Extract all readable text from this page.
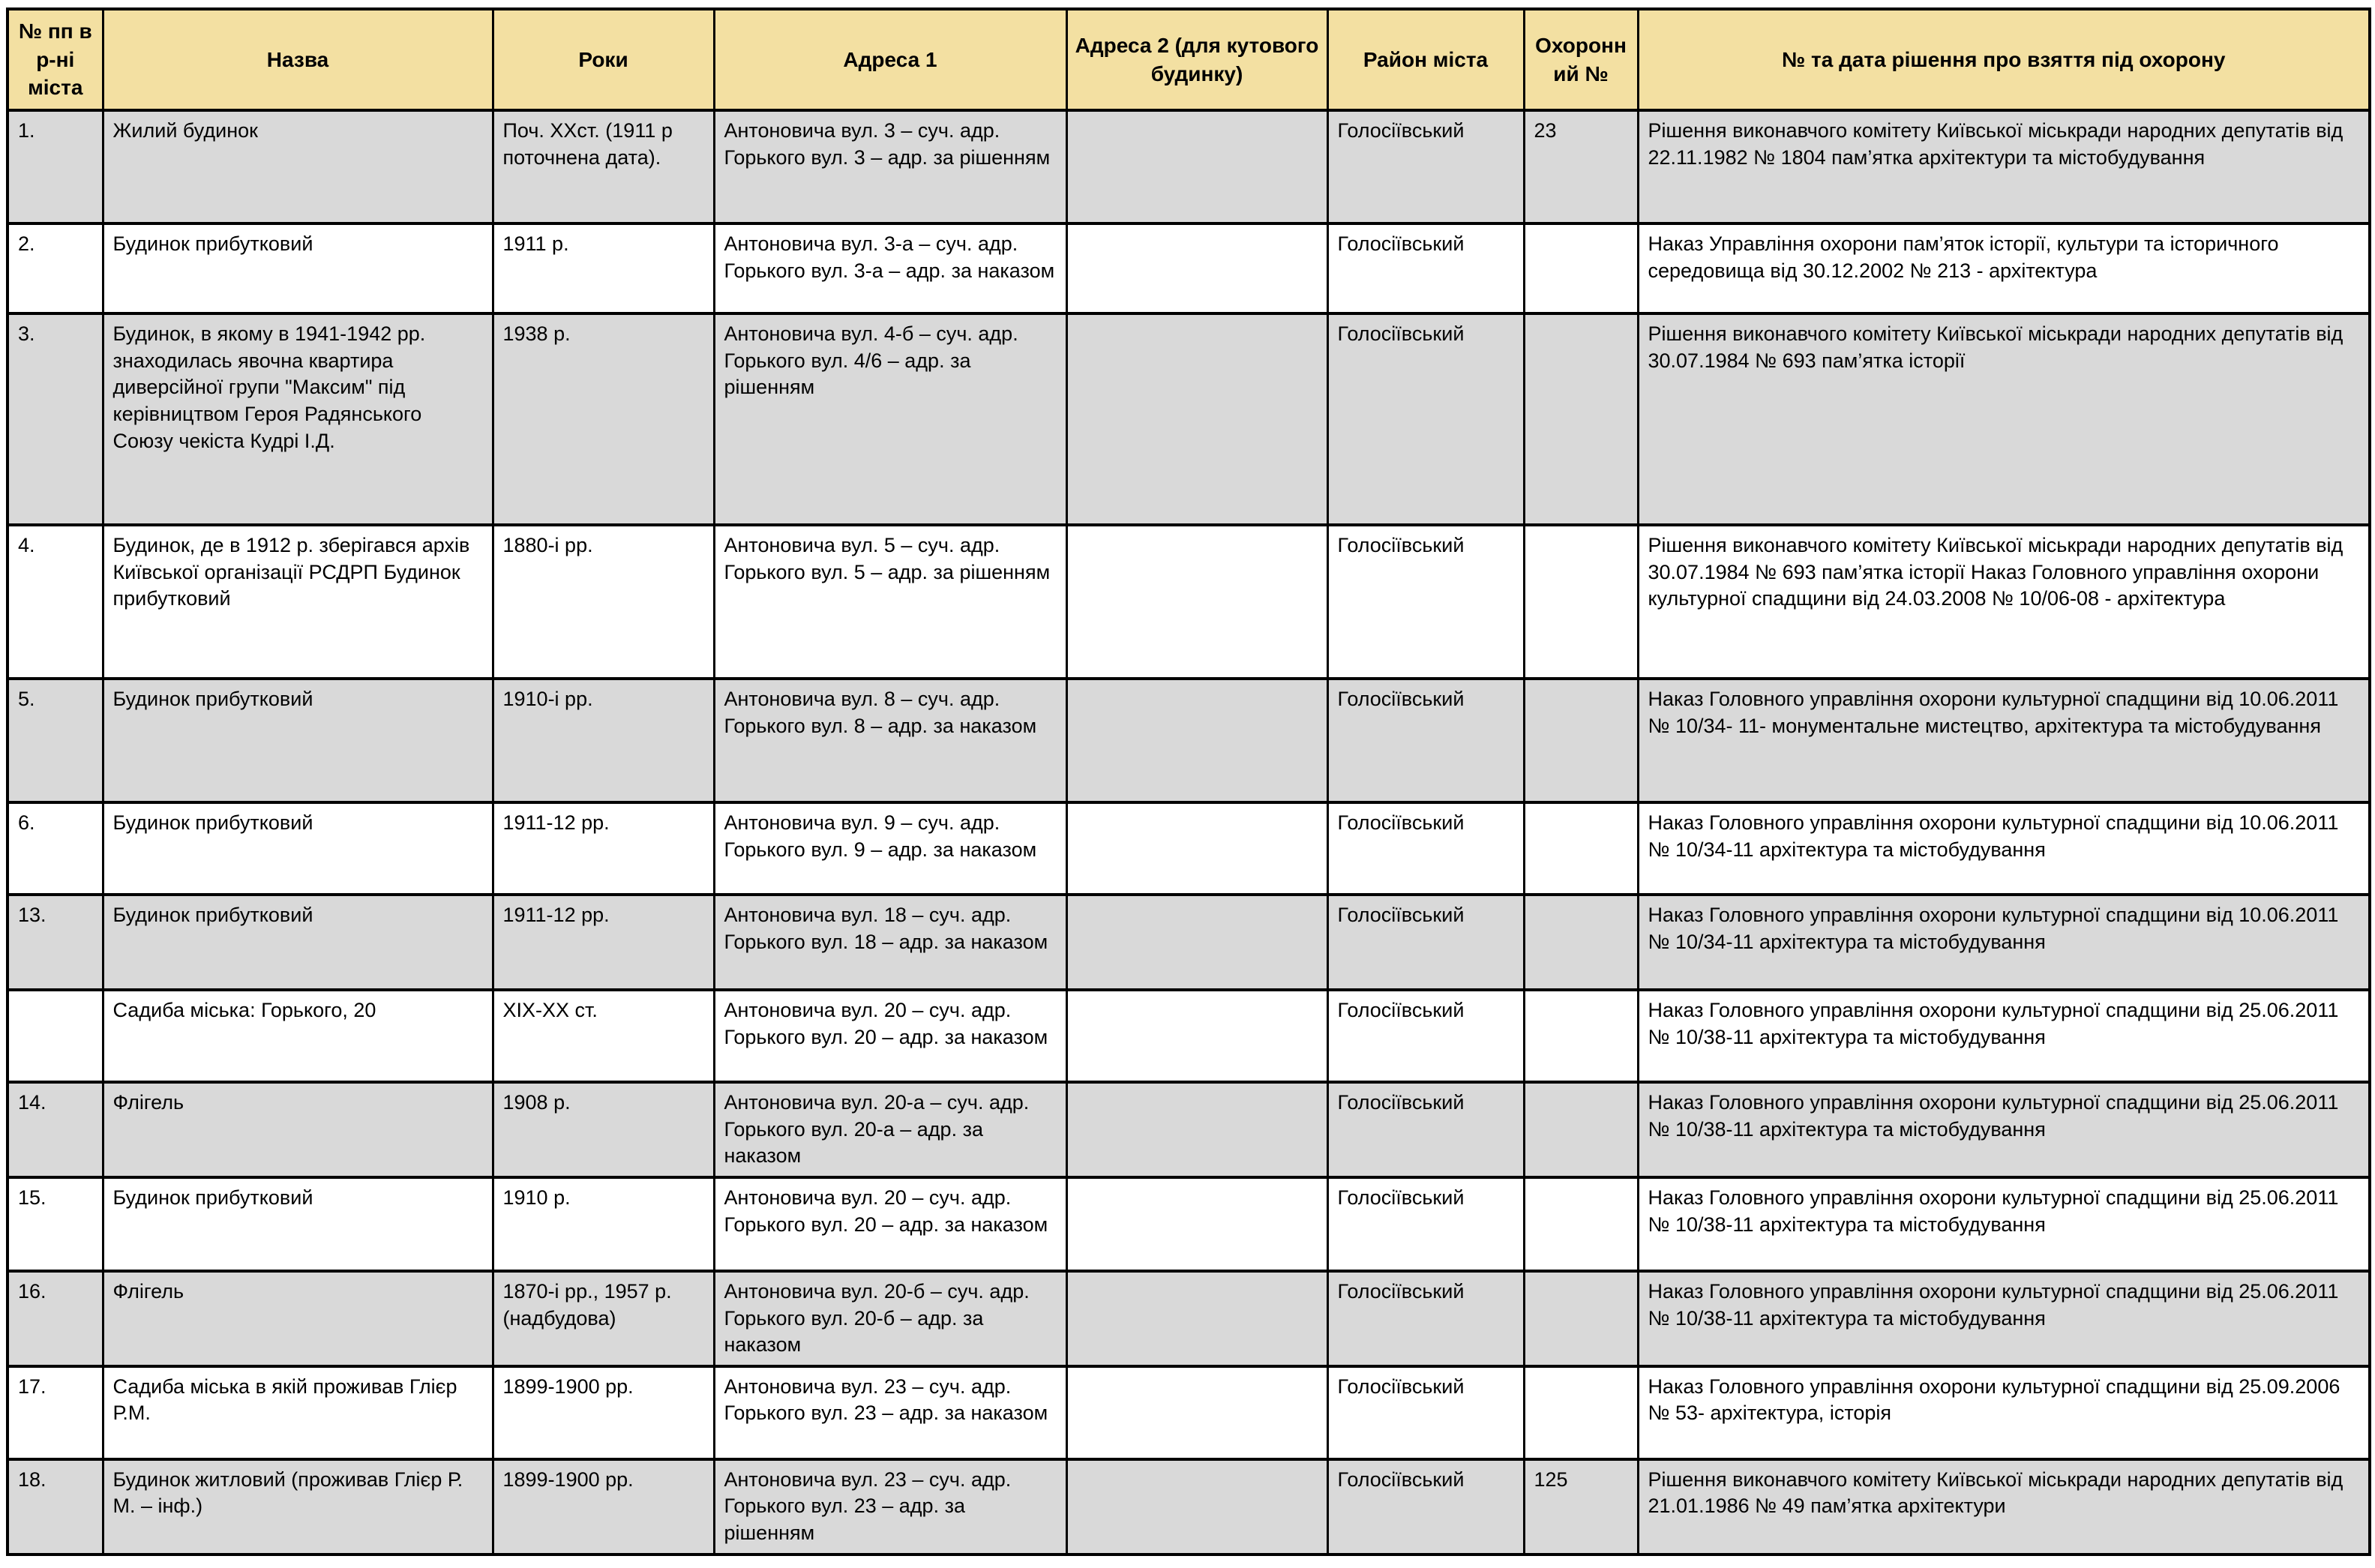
№ пп в р-ні міста	Назва	Роки	Адреса 1	Адреса 2 (для кутового будинку)	Район міста	Охоронний №	№ та дата рішення про взяття під охорону
1.	Жилий будинок	Поч. ХХст. (1911 р поточнена дата).	Антоновича вул. 3 – суч. адр. Горького вул. 3 – адр. за рішенням		Голосіївський	23	Рішення виконавчого комітету Київської міськради народних депутатів від 22.11.1982 № 1804 пам’ятка архітектури та містобудування
2.	Будинок прибутковий	1911 р.	Антоновича вул. 3-а – суч. адр. Горького вул. 3-а – адр. за наказом		Голосіївський		Наказ Управління охорони пам’яток історії, культури та історичного середовища від 30.12.2002 № 213 - архітектура
3.	Будинок, в якому в 1941-1942 рр. знаходилась явочна квартира диверсійної групи "Максим" під керівництвом Героя Радянського Союзу чекіста Кудрі І.Д.	1938 р.	Антоновича вул. 4-б – суч. адр. Горького вул. 4/6 – адр. за рішенням		Голосіївський		Рішення виконавчого комітету Київської міськради народних депутатів від 30.07.1984 № 693 пам’ятка історії
4.	Будинок, де в 1912 р. зберігався архів Київської організації РСДРП Будинок прибутковий	1880-і рр.	Антоновича вул. 5 – суч. адр. Горького вул. 5 – адр. за рішенням		Голосіївський		Рішення виконавчого комітету Київської міськради народних депутатів від 30.07.1984 № 693 пам’ятка історії Наказ Головного управління охорони культурної спадщини від 24.03.2008 № 10/06-08 - архітектура
5.	Будинок прибутковий	1910-і рр.	Антоновича вул. 8 – суч. адр. Горького вул. 8 – адр. за наказом		Голосіївський		Наказ Головного управління охорони культурної спадщини від 10.06.2011 № 10/34- 11- монументальне мистецтво, архітектура та містобудування
6.	Будинок прибутковий	1911-12 рр.	Антоновича вул. 9 – суч. адр. Горького вул. 9 – адр. за наказом		Голосіївський		Наказ Головного управління охорони культурної спадщини від 10.06.2011 № 10/34-11 архітектура та містобудування
13.	Будинок прибутковий	1911-12 рр.	Антоновича вул. 18 – суч. адр. Горького вул. 18 – адр. за наказом		Голосіївський		Наказ Головного управління охорони культурної спадщини від 10.06.2011 № 10/34-11 архітектура та містобудування
	Садиба міська: Горького, 20	ХІХ-ХХ ст.	Антоновича вул. 20 – суч. адр. Горького вул. 20 – адр. за наказом		Голосіївський		Наказ Головного управління охорони культурної спадщини від 25.06.2011 № 10/38-11 архітектура та містобудування
14.	Флігель	1908 р.	Антоновича вул. 20-а – суч. адр. Горького вул. 20-а – адр. за наказом		Голосіївський		Наказ Головного управління охорони культурної спадщини від 25.06.2011 № 10/38-11 архітектура та містобудування
15.	Будинок прибутковий	1910 р.	Антоновича вул. 20 – суч. адр. Горького вул. 20 – адр. за наказом		Голосіївський		Наказ Головного управління охорони культурної спадщини від 25.06.2011 № 10/38-11 архітектура та містобудування
16.	Флігель	1870-і рр., 1957 р. (надбудова)	Антоновича вул. 20-б – суч. адр. Горького вул. 20-б – адр. за наказом		Голосіївський		Наказ Головного управління охорони культурної спадщини від 25.06.2011 № 10/38-11 архітектура та містобудування
17.	Садиба міська в якій проживав Глієр Р.М.	1899-1900 рр.	Антоновича вул. 23 – суч. адр. Горького вул. 23 – адр. за наказом		Голосіївський		Наказ Головного управління охорони культурної спадщини від 25.09.2006 № 53- архітектура, історія
18.	Будинок житловий (проживав Глієр Р. М. – інф.)	1899-1900 рр.	Антоновича вул. 23 – суч. адр. Горького вул. 23 – адр. за рішенням		Голосіївський	125	Рішення виконавчого комітету Київської міськради народних депутатів від 21.01.1986 № 49 пам’ятка архітектури
